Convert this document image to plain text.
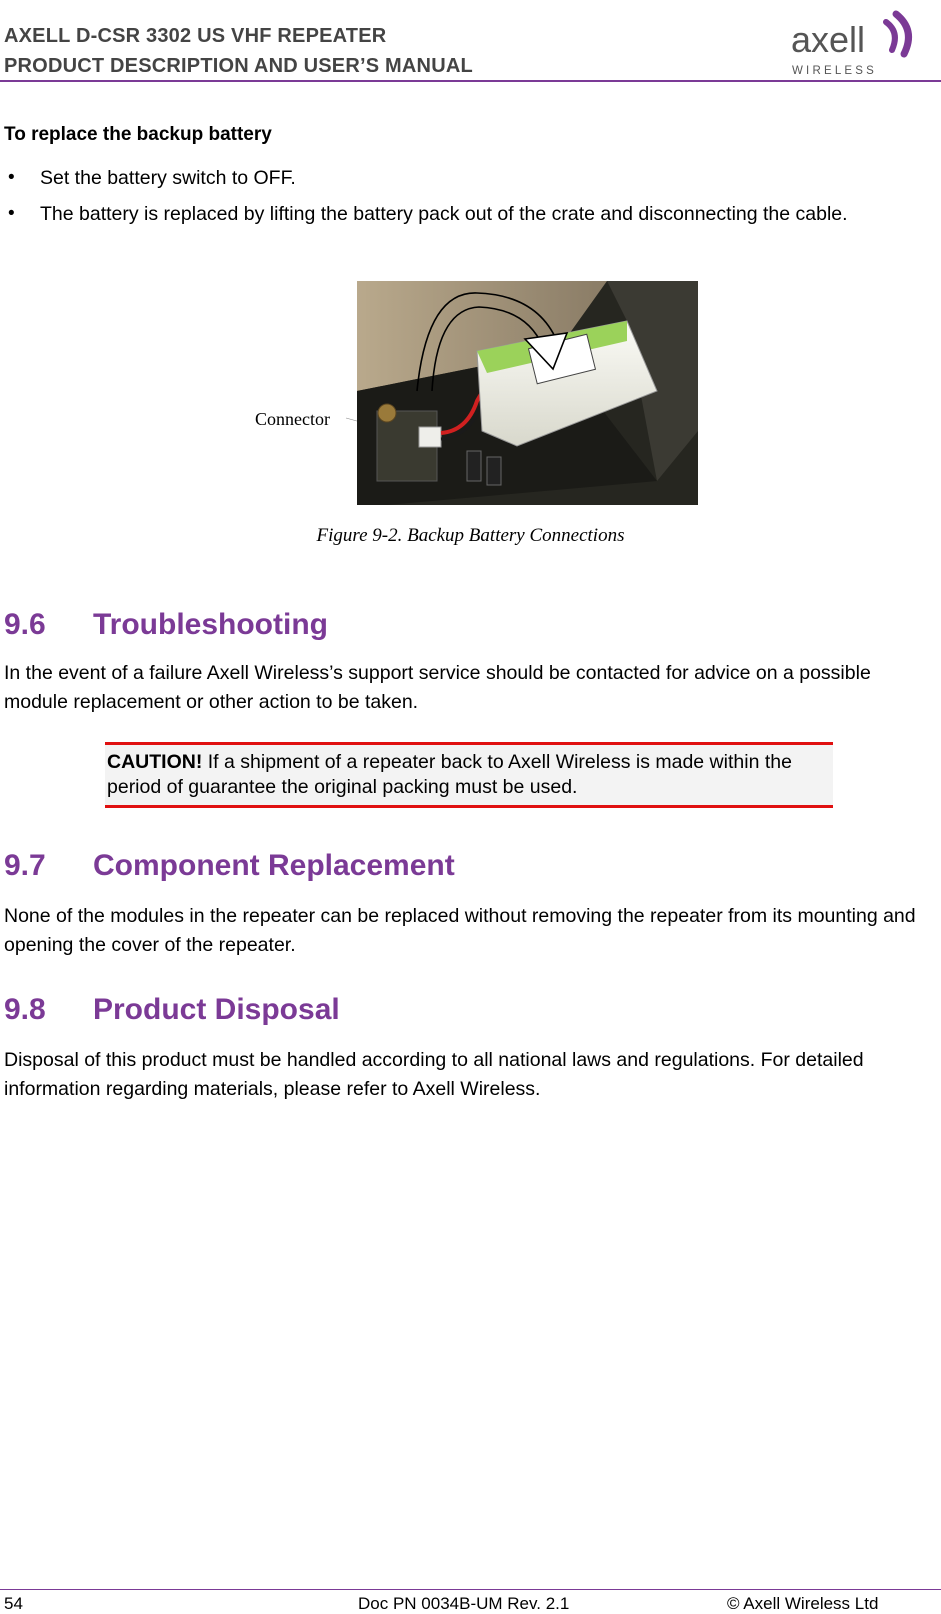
AXELL D-CSR 3302 US VHF REPEATER
PRODUCT DESCRIPTION AND USER’S MANUAL
axell
WIRELESS
To replace the backup battery
• Set the battery switch to OFF.
• The battery is replaced by lifting the battery pack out of the crate and disconnecting the cable.
Connector
Figure 9-2. Backup Battery Connections
9.6 Troubleshooting
In the event of a failure Axell Wireless’s support service should be contacted for advice on a possible module replacement or other action to be taken.
CAUTION! If a shipment of a repeater back to Axell Wireless is made within the period of guarantee the original packing must be used.
9.7 Component Replacement
None of the modules in the repeater can be replaced without removing the repeater from its mounting and opening the cover of the repeater.
9.8 Product Disposal
Disposal of this product must be handled according to all national laws and regulations. For detailed information regarding materials, please refer to Axell Wireless.
54	Doc PN 0034B-UM Rev. 2.1	© Axell Wireless Ltd
